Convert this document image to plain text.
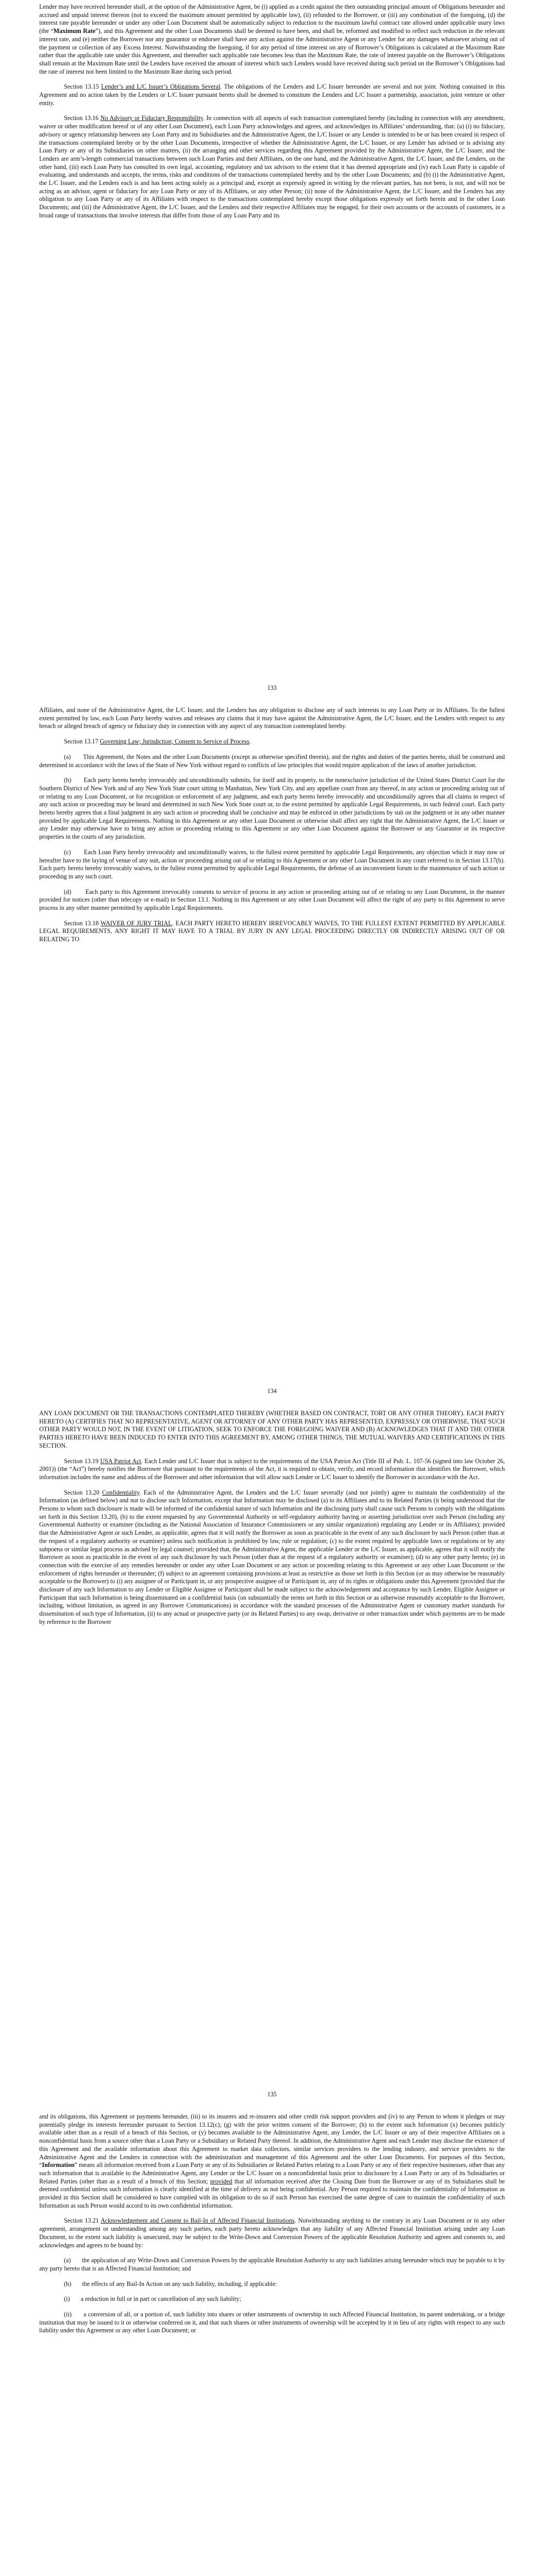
Lender may have received hereunder shall, at the option of the Administrative Agent, be (i) applied as a credit against the then outstanding principal amount of Obligations hereunder and accrued and unpaid interest thereon (not to exceed the maximum amount permitted by applicable law), (ii) refunded to the Borrower, or (iii) any combination of the foregoing, (d) the interest rate payable hereunder or under any other Loan Document shall be automatically subject to reduction to the maximum lawful contract rate allowed under applicable usury laws (the “Maximum Rate”), and this Agreement and the other Loan Documents shall be deemed to have been, and shall be, reformed and modified to reflect such reduction in the relevant interest rate, and (e) neither the Borrower nor any guarantor or endorser shall have any action against the Administrative Agent or any Lender for any damages whatsoever arising out of the payment or collection of any Excess Interest. Notwithstanding the foregoing, if for any period of time interest on any of Borrower’s Obligations is calculated at the Maximum Rate rather than the applicable rate under this Agreement, and thereafter such applicable rate becomes less than the Maximum Rate, the rate of interest payable on the Borrower’s Obligations shall remain at the Maximum Rate until the Lenders have received the amount of interest which such Lenders would have received during such period on the Borrower’s Obligations had the rate of interest not been limited to the Maximum Rate during such period.

Section 13.15 Lender’s and L/C Issuer’s Obligations Several. The obligations of the Lenders and L/C Issuer hereunder are several and not joint. Nothing contained in this Agreement and no action taken by the Lenders or L/C Issuer pursuant hereto shall be deemed to constitute the Lenders and L/C Issuer a partnership, association, joint venture or other entity.

Section 13.16 No Advisory or Fiduciary Responsibility. In connection with all aspects of each transaction contemplated hereby (including in connection with any amendment, waiver or other modification hereof or of any other Loan Document), each Loan Party acknowledges and agrees, and acknowledges its Affiliates’ understanding, that: (a) (i) no fiduciary, advisory or agency relationship between any Loan Party and its Subsidiaries and the Administrative Agent, the L/C Issuer or any Lender is intended to be or has been created in respect of the transactions contemplated hereby or by the other Loan Documents, irrespective of whether the Administrative Agent, the L/C Issuer, or any Lender has advised or is advising any Loan Party or any of its Subsidiaries on other matters, (ii) the arranging and other services regarding this Agreement provided by the Administrative Agent, the L/C Issuer, and the Lenders are arm’s-length commercial transactions between such Loan Parties and their Affiliates, on the one hand, and the Administrative Agent, the L/C Issuer, and the Lenders, on the other hand, (iii) each Loan Party has consulted its own legal, accounting, regulatory and tax advisors to the extent that it has deemed appropriate and (iv) each Loan Party is capable of evaluating, and understands and accepts, the terms, risks and conditions of the transactions contemplated hereby and by the other Loan Documents; and (b) (i) the Administrative Agent, the L/C Issuer, and the Lenders each is and has been acting solely as a principal and, except as expressly agreed in writing by the relevant parties, has not been, is not, and will not be acting as an advisor, agent or fiduciary for any Loan Party or any of its Affiliates, or any other Person; (ii) none of the Administrative Agent, the L/C Issuer, and the Lenders has any obligation to any Loan Party or any of its Affiliates with respect to the transactions contemplated hereby except those obligations expressly set forth herein and in the other Loan Documents; and (iii) the Administrative Agent, the L/C Issuer, and the Lenders and their respective Affiliates may be engaged, for their own accounts or the accounts of customers, in a broad range of transactions that involve interests that differ from those of any Loan Party and its

133

Affiliates, and none of the Administrative Agent, the L/C Issuer, and the Lenders has any obligation to disclose any of such interests to any Loan Party or its Affiliates. To the fullest extent permitted by law, each Loan Party hereby waives and releases any claims that it may have against the Administrative Agent, the L/C Issuer, and the Lenders with respect to any breach or alleged breach of agency or fiduciary duty in connection with any aspect of any transaction contemplated hereby.

Section 13.17 Governing Law; Jurisdiction; Consent to Service of Process.

(a)       This Agreement, the Notes and the other Loan Documents (except as otherwise specified therein), and the rights and duties of the parties hereto, shall be construed and determined in accordance with the laws of the State of New York without regard to conflicts of law principles that would require application of the laws of another jurisdiction.

(b)       Each party hereto hereby irrevocably and unconditionally submits, for itself and its property, to the nonexclusive jurisdiction of the United States District Court for the Southern District of New York and of any New York State court sitting in Manhattan, New York City, and any appellate court from any thereof, in any action or proceeding arising out of or relating to any Loan Document, or for recognition or enforcement of any judgment, and each party hereto hereby irrevocably and unconditionally agrees that all claims in respect of any such action or proceeding may be heard and determined in such New York State court or, to the extent permitted by applicable Legal Requirements, in such federal court. Each party hereto hereby agrees that a final judgment in any such action or proceeding shall be conclusive and may be enforced in other jurisdictions by suit on the judgment or in any other manner provided by applicable Legal Requirements. Nothing in this Agreement or any other Loan Document or otherwise shall affect any right that the Administrative Agent, the L/C Issuer or any Lender may otherwise have to bring any action or proceeding relating to this Agreement or any other Loan Document against the Borrower or any Guarantor or its respective properties in the courts of any jurisdiction.

(c)       Each Loan Party hereby irrevocably and unconditionally waives, to the fullest extent permitted by applicable Legal Requirements, any objection which it may now or hereafter have to the laying of venue of any suit, action or proceeding arising out of or relating to this Agreement or any other Loan Document in any court referred to in Section 13.17(b). Each party hereto hereby irrevocably waives, to the fullest extent permitted by applicable Legal Requirements, the defense of an inconvenient forum to the maintenance of such action or proceeding in any such court.

(d)       Each party to this Agreement irrevocably consents to service of process in any action or proceeding arising out of or relating to any Loan Document, in the manner provided for notices (other than telecopy or e-mail) in Section 13.1. Nothing in this Agreement or any other Loan Document will affect the right of any party to this Agreement to serve process in any other manner permitted by applicable Legal Requirements.

Section 13.18 WAIVER OF JURY TRIAL. EACH PARTY HERETO HEREBY IRREVOCABLY WAIVES, TO THE FULLEST EXTENT PERMITTED BY APPLICABLE LEGAL REQUIREMENTS, ANY RIGHT IT MAY HAVE TO A TRIAL BY JURY IN ANY LEGAL PROCEEDING DIRECTLY OR INDIRECTLY ARISING OUT OF OR RELATING TO

134

ANY LOAN DOCUMENT OR THE TRANSACTIONS CONTEMPLATED THEREBY (WHETHER BASED ON CONTRACT, TORT OR ANY OTHER THEORY). EACH PARTY HERETO (A) CERTIFIES THAT NO REPRESENTATIVE, AGENT OR ATTORNEY OF ANY OTHER PARTY HAS REPRESENTED, EXPRESSLY OR OTHERWISE, THAT SUCH OTHER PARTY WOULD NOT, IN THE EVENT OF LITIGATION, SEEK TO ENFORCE THE FOREGOING WAIVER AND (B) ACKNOWLEDGES THAT IT AND THE OTHER PARTIES HERETO HAVE BEEN INDUCED TO ENTER INTO THIS AGREEMENT BY, AMONG OTHER THINGS, THE MUTUAL WAIVERS AND CERTIFICATIONS IN THIS SECTION.

Section 13.19 USA Patriot Act. Each Lender and L/C Issuer that is subject to the requirements of the USA Patriot Act (Title III of Pub. L. 107-56 (signed into law October 26, 2001)) (the “Act”) hereby notifies the Borrower that pursuant to the requirements of the Act, it is required to obtain, verify, and record information that identifies the Borrower, which information includes the name and address of the Borrower and other information that will allow such Lender or L/C Issuer to identify the Borrower in accordance with the Act.

Section 13.20 Confidentiality. Each of the Administrative Agent, the Lenders and the L/C Issuer severally (and not jointly) agree to maintain the confidentiality of the Information (as defined below) and not to disclose such Information, except that Information may be disclosed (a) to its Affiliates and to its Related Parties (it being understood that the Persons to whom such disclosure is made will be informed of the confidential nature of such Information and the disclosing party shall cause such Persons to comply with the obligations set forth in this Section 13.20), (b) to the extent requested by any Governmental Authority or self-regulatory authority having or asserting jurisdiction over such Person (including any Governmental Authority or examiner (including as the National Association of Insurance Commissioners or any similar organization) regulating any Lender or its Affiliates); provided that the Administrative Agent or such Lender, as applicable, agrees that it will notify the Borrower as soon as practicable in the event of any such disclosure by such Person (other than at the request of a regulatory authority or examiner) unless such notification is prohibited by law, rule or regulation; (c) to the extent required by applicable laws or regulations or by any subpoena or similar legal process as advised by legal counsel; provided that, the Administrative Agent, the applicable Lender or the L/C Issuer, as applicable, agrees that it will notify the Borrower as soon as practicable in the event of any such disclosure by such Person (other than at the request of a regulatory authority or examiner); (d) to any other party hereto; (e) in connection with the exercise of any remedies hereunder or under any other Loan Document or any action or proceeding relating to this Agreement or any other Loan Document or the enforcement of rights hereunder or thereunder; (f) subject to an agreement containing provisions at least as restrictive as those set forth in this Section (or as may otherwise be reasonably acceptable to the Borrower) to (i) any assignee of or Participant in, or any prospective assignee of or Participant in, any of its rights or obligations under this Agreement (provided that the disclosure of any such Information to any Lender or Eligible Assignee or Participant shall be made subject to the acknowledgement and acceptance by such Lender, Eligible Assignee or Participant that such Information is being disseminated on a confidential basis (on substantially the terms set forth in this Section or as otherwise reasonably acceptable to the Borrower, including, without limitation, as agreed in any Borrower Communications) in accordance with the standard processes of the Administrative Agent or customary market standards for dissemination of such type of Information, (ii) to any actual or prospective party (or its Related Parties) to any swap, derivative or other transaction under which payments are to be made by reference to the Borrower

135

and its obligations, this Agreement or payments hereunder, (iii) to its insurers and re-insurers and other credit risk support providers and (iv) to any Person to whom it pledges or may potentially pledge its interests hereunder pursuant to Section 13.12(c); (g) with the prior written consent of the Borrower; (h) to the extent such Information (x) becomes publicly available other than as a result of a breach of this Section, or (y) becomes available to the Administrative Agent, any Lender, the L/C Issuer or any of their respective Affiliates on a nonconfidential basis from a source other than a Loan Party or a Subsidiary or Related Party thereof. In addition, the Administrative Agent and each Lender may disclose the existence of this Agreement and the available information about this Agreement to market data collectors, similar services providers to the lending industry, and service providers to the Administrative Agent and the Lenders in connection with the administration and management of this Agreement and the other Loan Documents. For purposes of this Section, “Information” means all information received from a Loan Party or any of its Subsidiaries or Related Parties relating to a Loan Party or any of their respective businesses, other than any such information that is available to the Administrative Agent, any Lender or the L/C Issuer on a nonconfidential basis prior to disclosure by a Loan Party or any of its Subsidiaries or Related Parties (other than as a result of a breach of this Section; provided that all information received after the Closing Date from the Borrower or any of its Subsidiaries shall be deemed confidential unless such information is clearly identified at the time of delivery as not being confidential. Any Person required to maintain the confidentiality of Information as provided in this Section shall be considered to have complied with its obligation to do so if such Person has exercised the same degree of care to maintain the confidentiality of such Information as such Person would accord to its own confidential information.

Section 13.21 Acknowledgement and Consent to Bail-In of Affected Financial Institutions. Notwithstanding anything to the contrary in any Loan Document or in any other agreement, arrangement or understanding among any such parties, each party hereto acknowledges that any liability of any Affected Financial Institution arising under any Loan Document, to the extent such liability is unsecured, may be subject to the Write-Down and Conversion Powers of the applicable Resolution Authority and agrees and consents to, and acknowledges and agrees to be bound by:

(a)       the application of any Write-Down and Conversion Powers by the applicable Resolution Authority to any such liabilities arising hereunder which may be payable to it by any party hereto that is an Affected Financial Institution; and

(b)       the effects of any Bail-In Action on any such liability, including, if applicable:

(i)       a reduction in full or in part or cancellation of any such liability;

(ii)       a conversion of all, or a portion of, such liability into shares or other instruments of ownership in such Affected Financial Institution, its parent undertaking, or a bridge institution that may be issued to it or otherwise conferred on it, and that such shares or other instruments of ownership will be accepted by it in lieu of any rights with respect to any such liability under this Agreement or any other Loan Document; or
